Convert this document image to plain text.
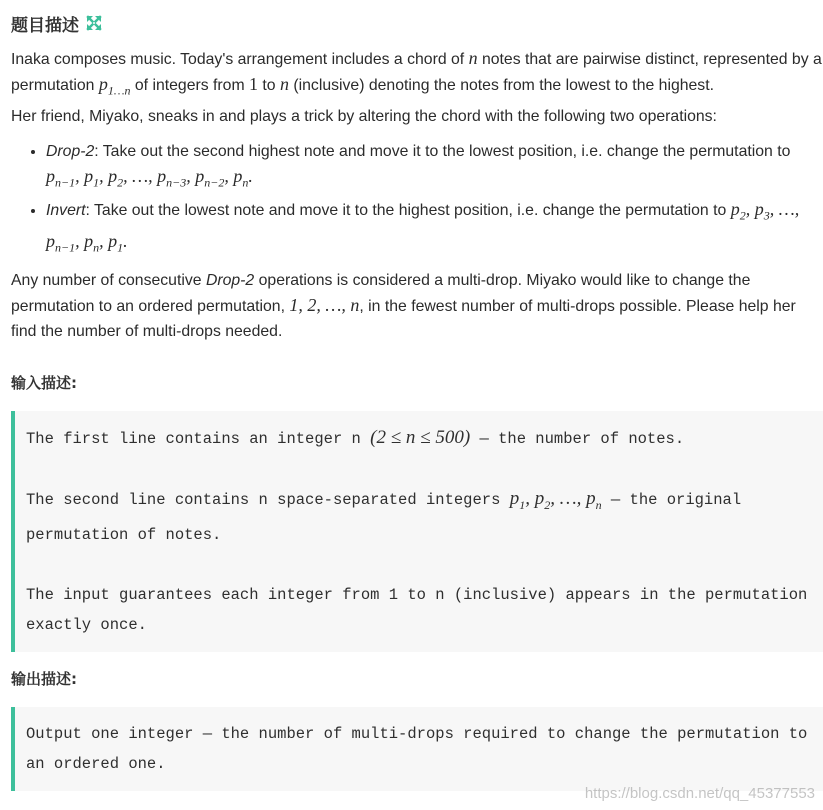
题目描述

Inaka composes music. Today's arrangement includes a chord of n notes that are pairwise distinct, represented by a permutation $p_{1\dots n}$ of integers from 1 to n (inclusive) denoting the notes from the lowest to the highest.
Her friend, Miyako, sneaks in and plays a trick by altering the chord with the following two operations:

• Drop-2: Take out the second highest note and move it to the lowest position, i.e. change the permutation to $p_{n-1}$, $p_1$, $p_2$, …, $p_{n-3}$, $p_{n-2}$, $p_n$.
• Invert: Take out the lowest note and move it to the highest position, i.e. change the permutation to $p_2$, $p_3$, …, $p_{n-1}$, $p_n$, $p_1$.

Any number of consecutive Drop-2 operations is considered a multi-drop. Miyako would like to change the permutation to an ordered permutation, 1, 2, …, n, in the fewest number of multi-drops possible. Please help her find the number of multi-drops needed.

输入描述:
The first line contains an integer n (2 ≤ n ≤ 500) — the number of notes.
The second line contains n space-separated integers $p_1$, $p_2$, …, $p_n$ — the original permutation of notes.
The input guarantees each integer from 1 to n (inclusive) appears in the permutation exactly once.
输出描述:
Output one integer — the number of multi-drops required to change the permutation to an ordered one.
https://blog.csdn.net/qq_45377553
